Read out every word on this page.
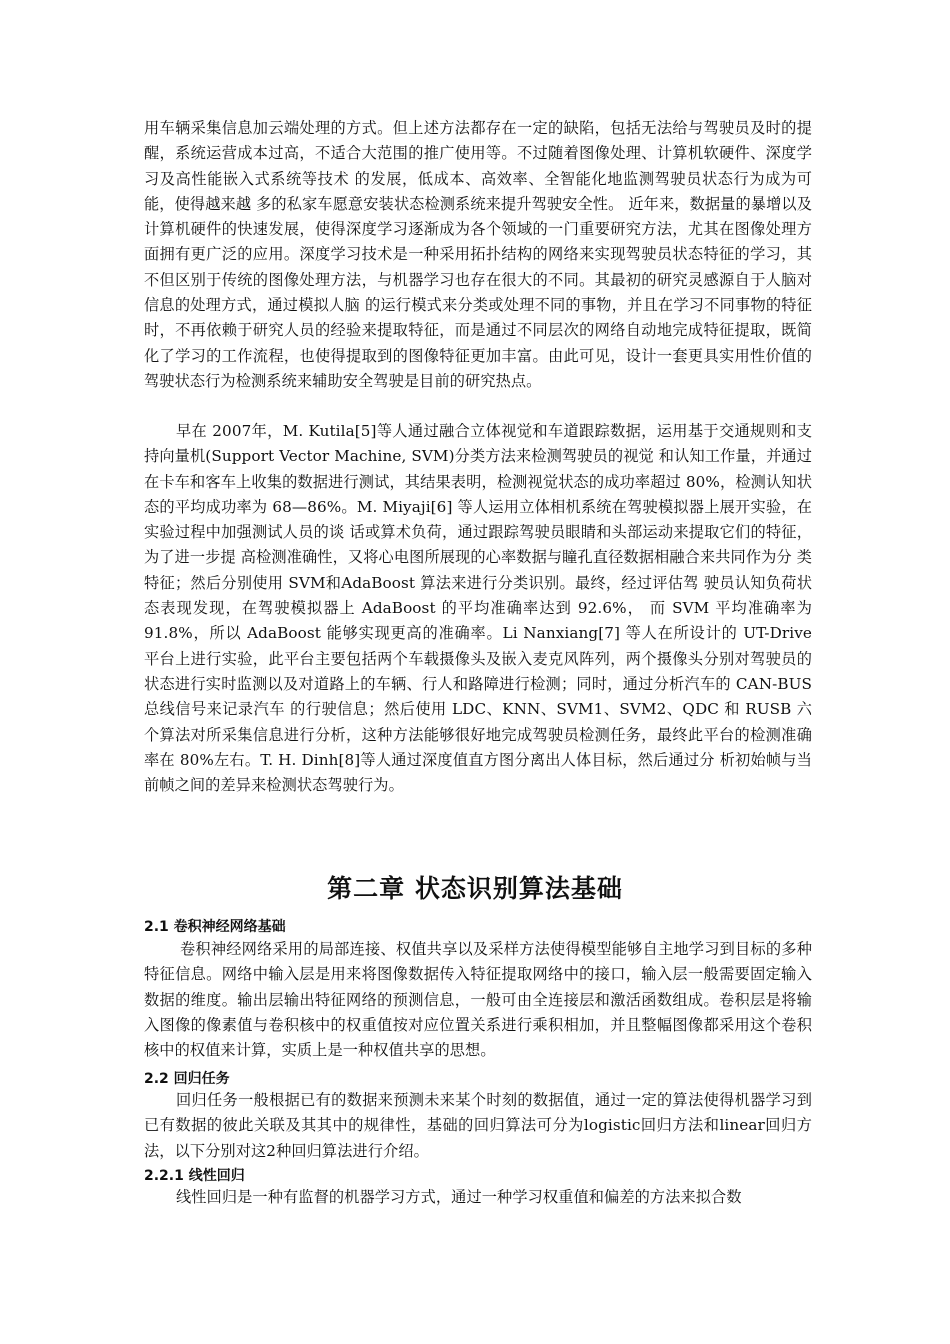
用车辆采集信息加云端处理的方式。但上述方法都存在一定的缺陷，包括无法给与驾驶员及时的提醒，系统运营成本过高，不适合大范围的推广使用等。不过随着图像处理、计算机软硬件、深度学习及高性能嵌入式系统等技术 的发展，低成本、高效率、全智能化地监测驾驶员状态行为成为可能，使得越来越 多的私家车愿意安装状态检测系统来提升驾驶安全性。 近年来，数据量的暴增以及计算机硬件的快速发展，使得深度学习逐渐成为各个领域的一门重要研究方法，尤其在图像处理方面拥有更广泛的应用。深度学习技术是一种采用拓扑结构的网络来实现驾驶员状态特征的学习，其不但区别于传统的图像处理方法，与机器学习也存在很大的不同。其最初的研究灵感源自于人脑对信息的处理方式，通过模拟人脑 的运行模式来分类或处理不同的事物，并且在学习不同事物的特征时，不再依赖于研究人员的经验来提取特征，而是通过不同层次的网络自动地完成特征提取，既简化了学习的工作流程，也使得提取到的图像特征更加丰富。由此可见，设计一套更具实用性价值的驾驶状态行为检测系统来辅助安全驾驶是目前的研究热点。

早在 2007年，M. Kutila[5]等人通过融合立体视觉和车道跟踪数据，运用基于交通规则和支持向量机(Support Vector Machine, SVM)分类方法来检测驾驶员的视觉 和认知工作量，并通过在卡车和客车上收集的数据进行测试，其结果表明，检测视觉状态的成功率超过 80%，检测认知状态的平均成功率为 68—86%。M. Miyaji[6] 等人运用立体相机系统在驾驶模拟器上展开实验，在实验过程中加强测试人员的谈 话或算术负荷，通过跟踪驾驶员眼睛和头部运动来提取它们的特征，为了进一步提 高检测准确性，又将心电图所展现的心率数据与瞳孔直径数据相融合来共同作为分 类特征；然后分别使用 SVM和AdaBoost 算法来进行分类识别。最终，经过评估驾 驶员认知负荷状态表现发现，在驾驶模拟器上 AdaBoost 的平均准确率达到 92.6%， 而 SVM 平均准确率为 91.8%，所以 AdaBoost 能够实现更高的准确率。Li Nanxiang[7] 等人在所设计的 UT-Drive 平台上进行实验，此平台主要包括两个车载摄像头及嵌入麦克风阵列，两个摄像头分别对驾驶员的状态进行实时监测以及对道路上的车辆、行人和路障进行检测；同时，通过分析汽车的 CAN-BUS 总线信号来记录汽车 的行驶信息；然后使用 LDC、KNN、SVM1、SVM2、QDC 和 RUSB 六个算法对所采集信息进行分析，这种方法能够很好地完成驾驶员检测任务，最终此平台的检测准确率在 80%左右。T. H. Dinh[8]等人通过深度值直方图分离出人体目标，然后通过分 析初始帧与当前帧之间的差异来检测状态驾驶行为。

第二章 状态识别算法基础
2.1 卷积神经网络基础

卷积神经网络采用的局部连接、权值共享以及采样方法使得模型能够自主地学习到目标的多种特征信息。网络中输入层是用来将图像数据传入特征提取网络中的接口，输入层一般需要固定输入数据的维度。输出层输出特征网络的预测信息，一般可由全连接层和激活函数组成。卷积层是将输入图像的像素值与卷积核中的权重值按对应位置关系进行乘积相加，并且整幅图像都采用这个卷积核中的权值来计算，实质上是一种权值共享的思想。

2.2 回归任务

回归任务一般根据已有的数据来预测未来某个时刻的数据值，通过一定的算法使得机器学习到已有数据的彼此关联及其其中的规律性，基础的回归算法可分为logistic回归方法和linear回归方法，以下分别对这2种回归算法进行介绍。

2.2.1 线性回归

线性回归是一种有监督的机器学习方式，通过一种学习权重值和偏差的方法来拟合数
